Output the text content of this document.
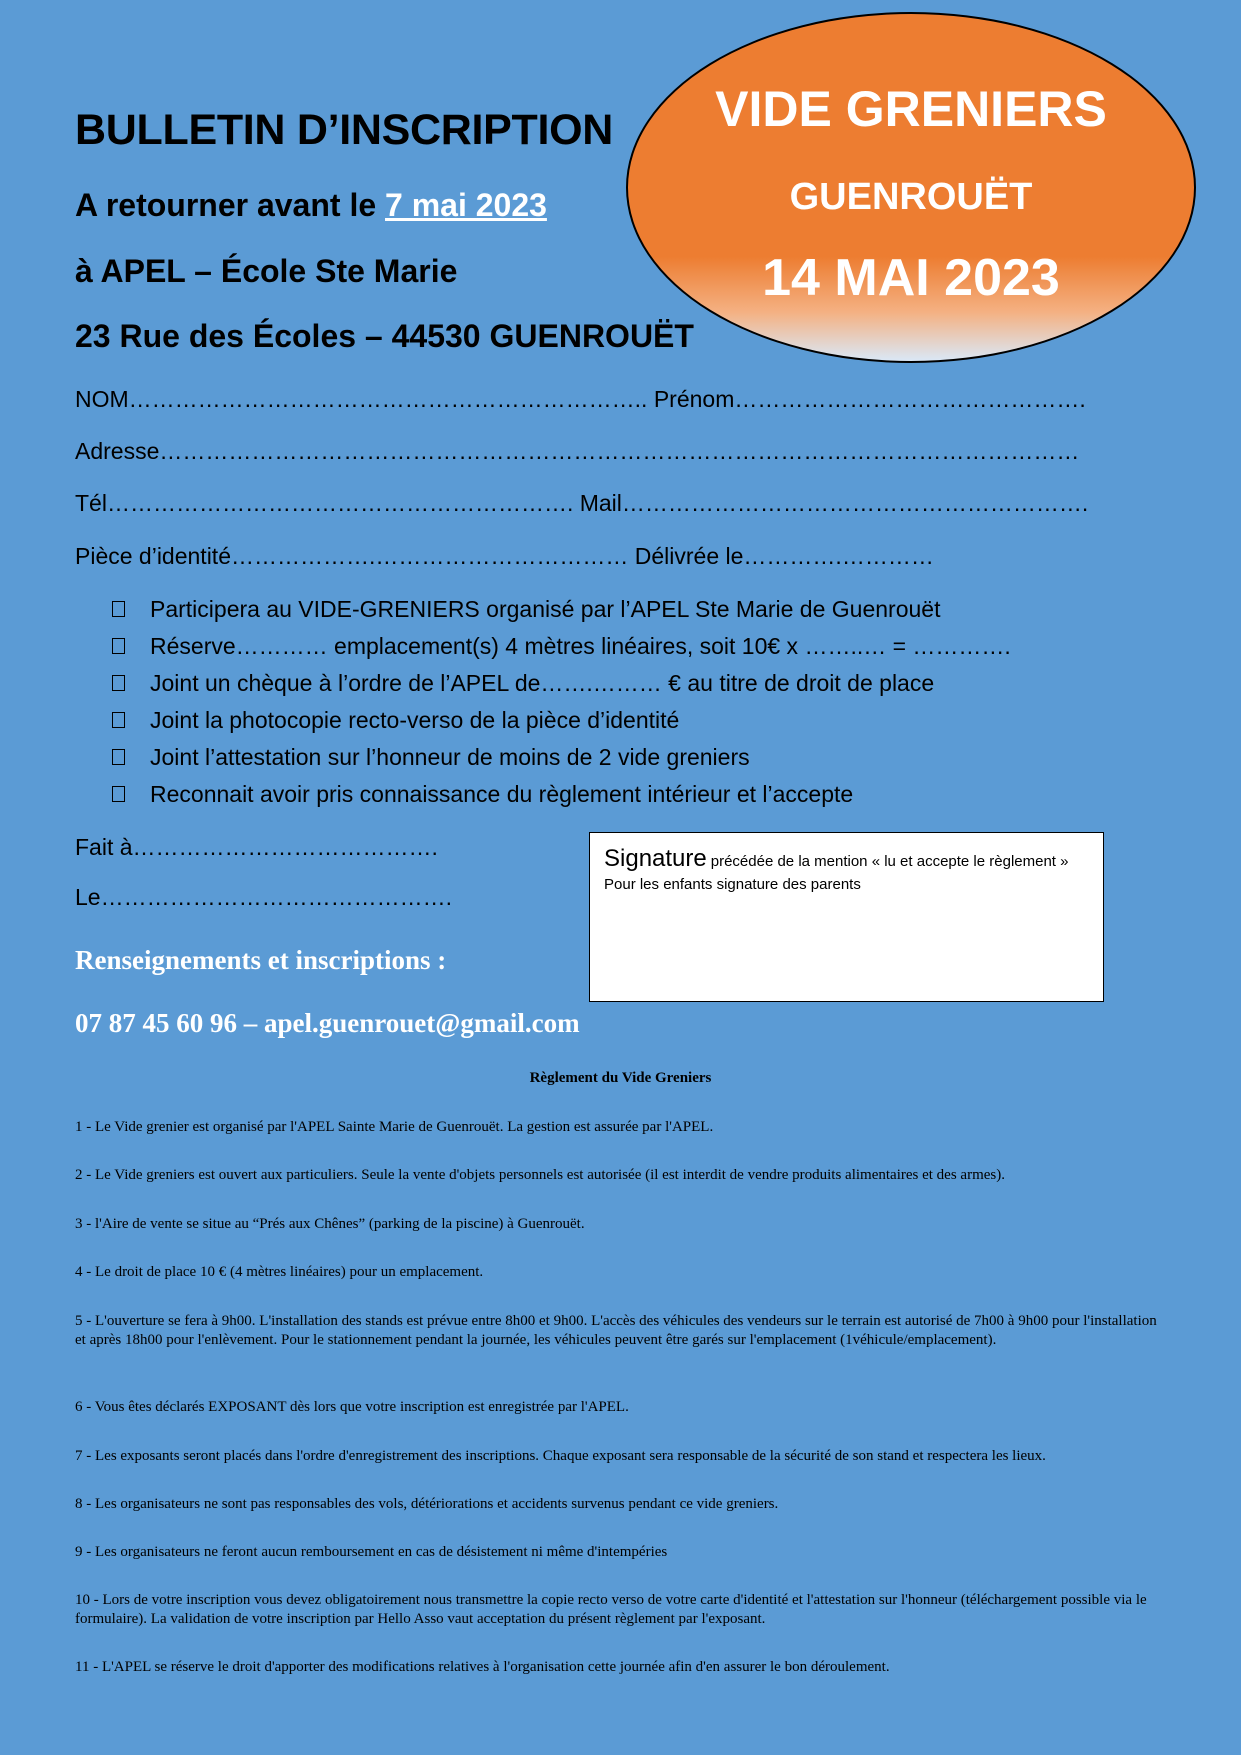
BULLETIN D’INSCRIPTION
A retourner avant le 7 mai 2023
à APEL – École Ste Marie
23 Rue des Écoles – 44530 GUENROUËT
VIDE GRENIERS
GUENROUËT
14 MAI 2023
NOM………………………………………………………….. Prénom……………………………………….
Adresse…………………………………………………………………………………………………………
Tél……………………………………………………. Mail…………………………………………………….
Pièce d’identité……………….…………………………… Délivrée le………….…………
Participera au VIDE-GRENIERS organisé par l’APEL Ste Marie de Guenrouët
Réserve………… emplacement(s) 4 mètres linéaires, soit 10€ x ……..… = ………….
Joint un chèque à l’ordre de l’APEL de…….……… € au titre de droit de place
Joint la photocopie recto-verso de la pièce d’identité
Joint l’attestation sur l’honneur de moins de 2 vide greniers
Reconnait avoir pris connaissance du règlement intérieur et l’accepte
Fait à………………………………….
Le……………………………………….
Signature précédée de la mention « lu et accepte le règlement »
Pour les enfants signature des parents
Renseignements et inscriptions :
07 87 45 60 96 – apel.guenrouet@gmail.com
Règlement du Vide Greniers
1 - Le Vide grenier est organisé par l'APEL Sainte Marie de Guenrouët. La gestion est assurée par l'APEL.
2 - Le Vide greniers est ouvert aux particuliers. Seule la vente d'objets personnels est autorisée (il est interdit de vendre produits alimentaires et des armes).
3 - l'Aire de vente se situe au “Prés aux Chênes” (parking de la piscine) à Guenrouët.
4 - Le droit de place 10 € (4 mètres linéaires) pour un emplacement.
5 - L'ouverture se fera à 9h00. L'installation des stands est prévue entre 8h00 et 9h00. L'accès des véhicules des vendeurs sur le terrain est autorisé de 7h00 à 9h00 pour l'installation et après 18h00 pour l'enlèvement. Pour le stationnement pendant la journée, les véhicules peuvent être garés sur l'emplacement (1véhicule/emplacement).
6 - Vous êtes déclarés EXPOSANT dès lors que votre inscription est enregistrée par l'APEL.
7 - Les exposants seront placés dans l'ordre d'enregistrement des inscriptions. Chaque exposant sera responsable de la sécurité de son stand et respectera les lieux.
8 - Les organisateurs ne sont pas responsables des vols, détériorations et accidents survenus pendant ce vide greniers.
9 - Les organisateurs ne feront aucun remboursement en cas de désistement ni même d'intempéries
10 - Lors de votre inscription vous devez obligatoirement nous transmettre la copie recto verso de votre carte d'identité et l'attestation sur l'honneur (téléchargement possible via le formulaire). La validation de votre inscription par Hello Asso vaut acceptation du présent règlement par l'exposant.
11 - L'APEL se réserve le droit d'apporter des modifications relatives à l'organisation cette journée afin d'en assurer le bon déroulement.
